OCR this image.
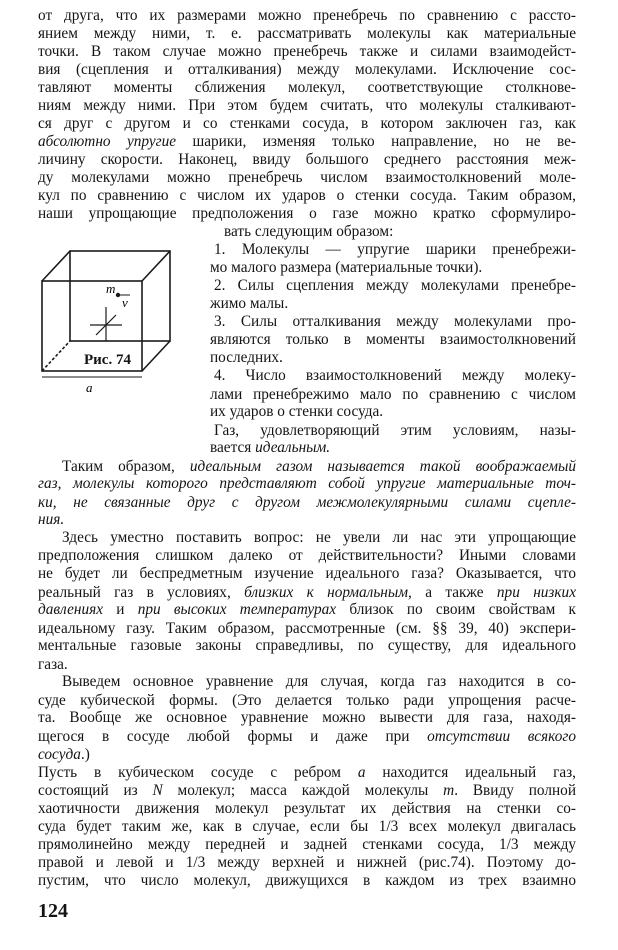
m
v
a
Рис. 74
от друга, что их размерами можно пренебречь по сравнению с рассто-
янием между ними, т. е. рассматривать молекулы как материальные
точки. В таком случае можно пренебречь также и силами взаимодейст-
вия (сцепления и отталкивания) между молекулами. Исключение сос-
тавляют моменты сближения молекул, соответствующие столкнове-
ниям между ними. При этом будем считать, что молекулы сталкивают-
ся друг с другом и со стенками сосуда, в котором заключен газ, как
абсолютно упругие шарики, изменяя только направление, но не ве-
личину скорости. Наконец, ввиду большого среднего расстояния меж-
ду молекулами можно пренебречь числом взаимостолкновений моле-
кул по сравнению с числом их ударов о стенки сосуда. Таким образом,
наши упрощающие предположения о газе можно кратко сформулиро-
вать следующим образом:
1. Молекулы — упругие шарики пренебрежи-
мо малого размера (материальные точки).
2. Силы сцепления между молекулами пренебре-
жимо малы.
3. Силы отталкивания между молекулами про-
являются только в моменты взаимостолкновений
последних.
4. Число взаимостолкновений между молеку-
лами пренебрежимо мало по сравнению с числом
их ударов о стенки сосуда.
Газ, удовлетворяющий этим условиям, назы-
вается идеальным.
Таким образом, идеальным газом называется такой воображаемый
газ, молекулы которого представляют собой упругие материальные точ-
ки, не связанные друг с другом межмолекулярными силами сцепле-
ния.
Здесь уместно поставить вопрос: не увели ли нас эти упрощающие
предположения слишком далеко от действительности? Иными словами
не будет ли беспредметным изучение идеального газа? Оказывается, что
реальный газ в условиях, близких к нормальным, а также при низких
давлениях и при высоких температурах близок по своим свойствам к
идеальному газу. Таким образом, рассмотренные (см. §§ 39, 40) экспери-
ментальные газовые законы справедливы, по существу, для идеального
газа.
Выведем основное уравнение для случая, когда газ находится в со-
суде кубической формы. (Это делается только ради упрощения расче-
та. Вообще же основное уравнение можно вывести для газа, находя-
щегося в сосуде любой формы и даже при отсутствии всякого
сосуда.)
124
Пусть в кубическом сосуде с ребром а находится идеальный газ,
состоящий из N молекул; масса каждой молекулы m. Ввиду полной
хаотичности движения молекул результат их действия на стенки со-
суда будет таким же, как в случае, если бы 1/3 всех молекул двигалась
прямолинейно между передней и задней стенками сосуда, 1/3 между
правой и левой и 1/3 между верхней и нижней (рис.74). Поэтому до-
пустим, что число молекул, движущихся в каждом из трех взаимно
